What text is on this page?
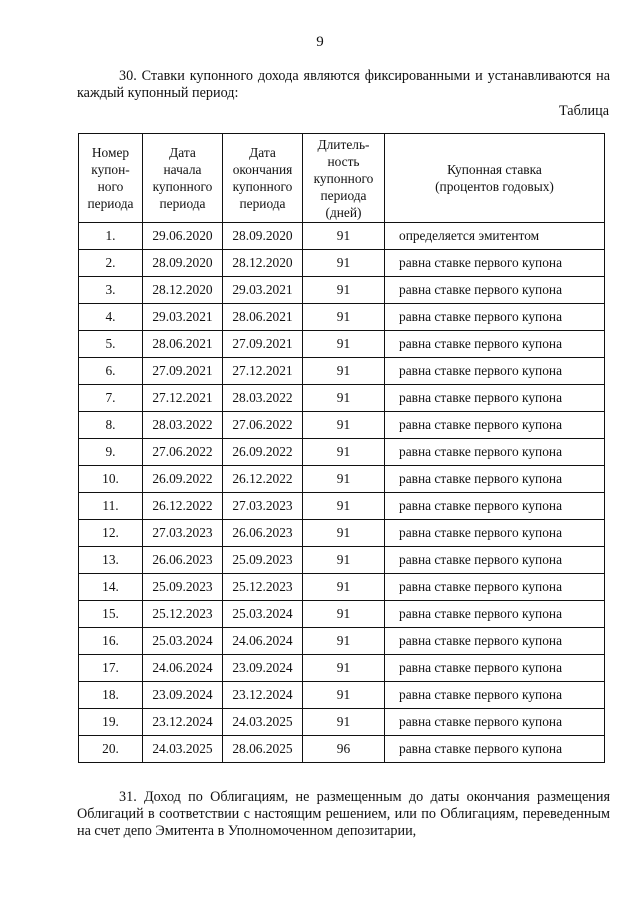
9
30. Ставки купонного дохода являются фиксированными и устанавливаются на каждый купонный период:
Таблица
Номер
купон-
ного
периода	Дата
начала
купонного
периода	Дата
окончания
купонного
периода	Длитель-
ность
купонного
периода
(дней)	Купонная ставка
(процентов годовых)
1.	29.06.2020	28.09.2020	91	определяется эмитентом
2.	28.09.2020	28.12.2020	91	равна ставке первого купона
3.	28.12.2020	29.03.2021	91	равна ставке первого купона
4.	29.03.2021	28.06.2021	91	равна ставке первого купона
5.	28.06.2021	27.09.2021	91	равна ставке первого купона
6.	27.09.2021	27.12.2021	91	равна ставке первого купона
7.	27.12.2021	28.03.2022	91	равна ставке первого купона
8.	28.03.2022	27.06.2022	91	равна ставке первого купона
9.	27.06.2022	26.09.2022	91	равна ставке первого купона
10.	26.09.2022	26.12.2022	91	равна ставке первого купона
11.	26.12.2022	27.03.2023	91	равна ставке первого купона
12.	27.03.2023	26.06.2023	91	равна ставке первого купона
13.	26.06.2023	25.09.2023	91	равна ставке первого купона
14.	25.09.2023	25.12.2023	91	равна ставке первого купона
15.	25.12.2023	25.03.2024	91	равна ставке первого купона
16.	25.03.2024	24.06.2024	91	равна ставке первого купона
17.	24.06.2024	23.09.2024	91	равна ставке первого купона
18.	23.09.2024	23.12.2024	91	равна ставке первого купона
19.	23.12.2024	24.03.2025	91	равна ставке первого купона
20.	24.03.2025	28.06.2025	96	равна ставке первого купона
31. Доход по Облигациям, не размещенным до даты окончания размещения Облигаций в соответствии с настоящим решением, или по Облигациям, переведенным на счет депо Эмитента в Уполномоченном депозитарии,
